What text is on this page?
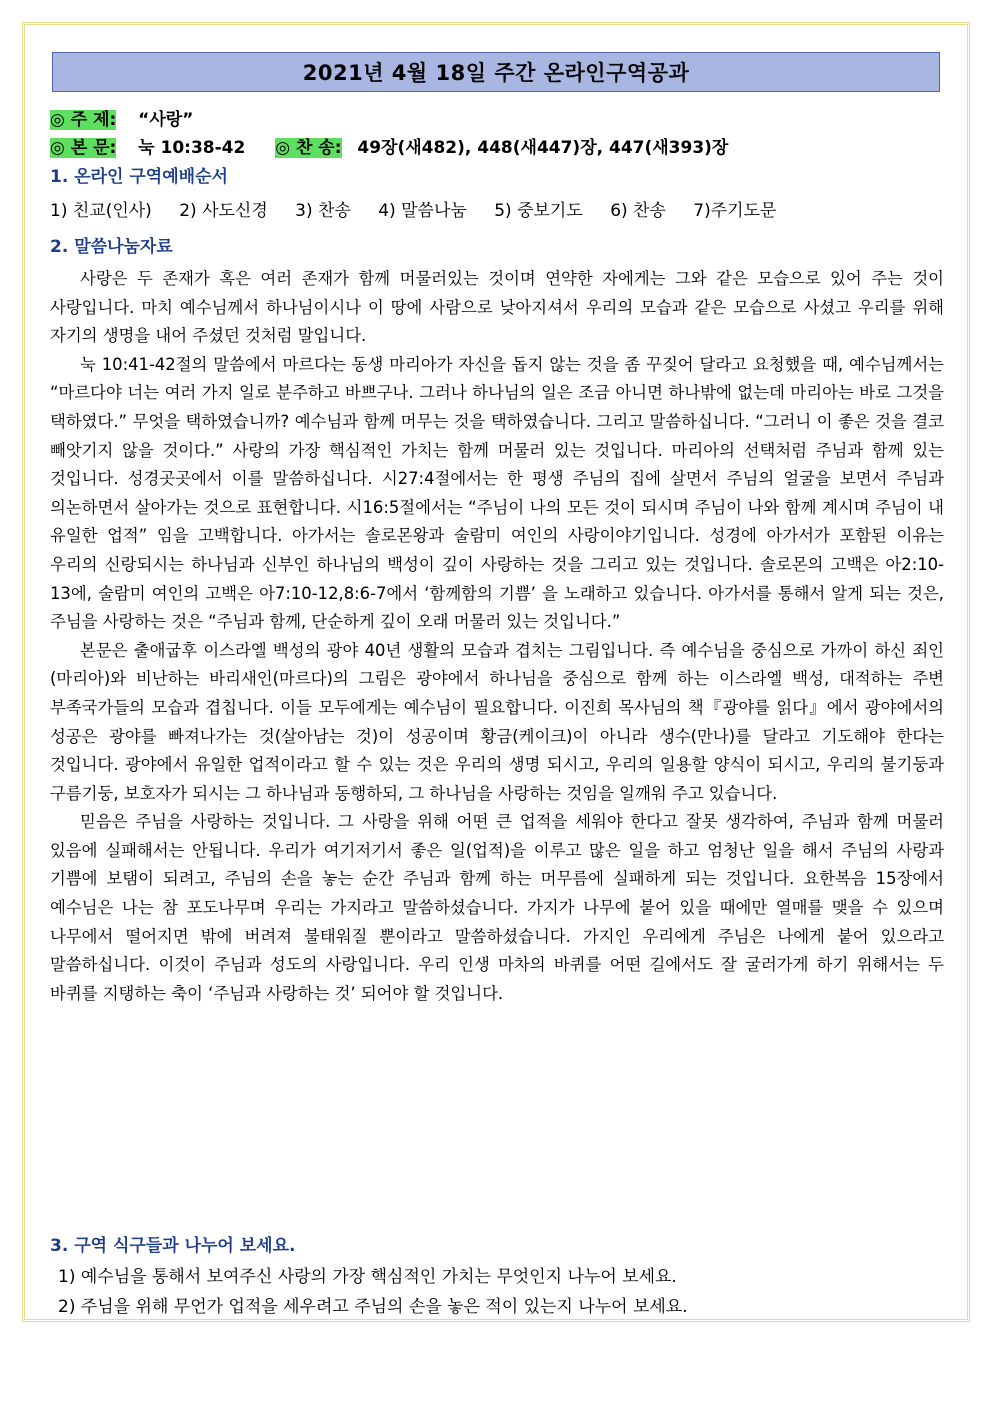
2021년 4월 18일 주간 온라인구역공과
◎ 주 제: “사랑”
◎ 본 문: 눅 10:38-42 ◎ 찬 송: 49장(새482), 448(새447)장, 447(새393)장
1. 온라인 구역예배순서
1) 친교(인사) 2) 사도신경 3) 찬송 4) 말씀나눔 5) 중보기도 6) 찬송 7)주기도문
2. 말씀나눔자료

사랑은 두 존재가 혹은 여러 존재가 함께 머물러있는 것이며 연약한 자에게는 그와 같은 모습으로 있어 주는 것이 사랑입니다. 마치 예수님께서 하나님이시나 이 땅에 사람으로 낮아지셔서 우리의 모습과 같은 모습으로 사셨고 우리를 위해 자기의 생명을 내어 주셨던 것처럼 말입니다.

눅 10:41-42절의 말씀에서 마르다는 동생 마리아가 자신을 돕지 않는 것을 좀 꾸짖어 달라고 요청했을 때, 예수님께서는 “마르다야 너는 여러 가지 일로 분주하고 바쁘구나. 그러나 하나님의 일은 조금 아니면 하나밖에 없는데 마리아는 바로 그것을 택하였다.” 무엇을 택하였습니까? 예수님과 함께 머무는 것을 택하였습니다. 그리고 말씀하십니다. “그러니 이 좋은 것을 결코 빼앗기지 않을 것이다.” 사랑의 가장 핵심적인 가치는 함께 머물러 있는 것입니다. 마리아의 선택처럼 주님과 함께 있는 것입니다. 성경곳곳에서 이를 말씀하십니다. 시27:4절에서는 한 평생 주님의 집에 살면서 주님의 얼굴을 보면서 주님과 의논하면서 살아가는 것으로 표현합니다. 시16:5절에서는 “주님이 나의 모든 것이 되시며 주님이 나와 함께 계시며 주님이 내 유일한 업적” 임을 고백합니다. 아가서는 솔로몬왕과 술람미 여인의 사랑이야기입니다. 성경에 아가서가 포함된 이유는 우리의 신랑되시는 하나님과 신부인 하나님의 백성이 깊이 사랑하는 것을 그리고 있는 것입니다. 솔로몬의 고백은 아2:10-13에, 술람미 여인의 고백은 아7:10-12,8:6-7에서 ‘함께함의 기쁨’ 을 노래하고 있습니다. 아가서를 통해서 알게 되는 것은, 주님을 사랑하는 것은 “주님과 함께, 단순하게 깊이 오래 머물러 있는 것입니다.”

본문은 출애굽후 이스라엘 백성의 광야 40년 생활의 모습과 겹치는 그림입니다. 즉 예수님을 중심으로 가까이 하신 죄인(마리아)와 비난하는 바리새인(마르다)의 그림은 광야에서 하나님을 중심으로 함께 하는 이스라엘 백성, 대적하는 주변 부족국가들의 모습과 겹칩니다. 이들 모두에게는 예수님이 필요합니다. 이진희 목사님의 책『광야를 읽다』에서 광야에서의 성공은 광야를 빠져나가는 것(살아남는 것)이 성공이며 황금(케이크)이 아니라 생수(만나)를 달라고 기도해야 한다는 것입니다. 광야에서 유일한 업적이라고 할 수 있는 것은 우리의 생명 되시고, 우리의 일용할 양식이 되시고, 우리의 불기둥과 구름기둥, 보호자가 되시는 그 하나님과 동행하되, 그 하나님을 사랑하는 것임을 일깨워 주고 있습니다.

믿음은 주님을 사랑하는 것입니다. 그 사랑을 위해 어떤 큰 업적을 세워야 한다고 잘못 생각하여, 주님과 함께 머물러 있음에 실패해서는 안됩니다. 우리가 여기저기서 좋은 일(업적)을 이루고 많은 일을 하고 엄청난 일을 해서 주님의 사랑과 기쁨에 보탬이 되려고, 주님의 손을 놓는 순간 주님과 함께 하는 머무름에 실패하게 되는 것입니다. 요한복음 15장에서 예수님은 나는 참 포도나무며 우리는 가지라고 말씀하셨습니다. 가지가 나무에 붙어 있을 때에만 열매를 맺을 수 있으며 나무에서 떨어지면 밖에 버려져 불태워질 뿐이라고 말씀하셨습니다. 가지인 우리에게 주님은 나에게 붙어 있으라고 말씀하십니다. 이것이 주님과 성도의 사랑입니다. 우리 인생 마차의 바퀴를 어떤 길에서도 잘 굴러가게 하기 위해서는 두 바퀴를 지탱하는 축이 ‘주님과 사랑하는 것’ 되어야 할 것입니다.

3. 구역 식구들과 나누어 보세요.
1) 예수님을 통해서 보여주신 사랑의 가장 핵심적인 가치는 무엇인지 나누어 보세요.
2) 주님을 위해 무언가 업적을 세우려고 주님의 손을 놓은 적이 있는지 나누어 보세요.
